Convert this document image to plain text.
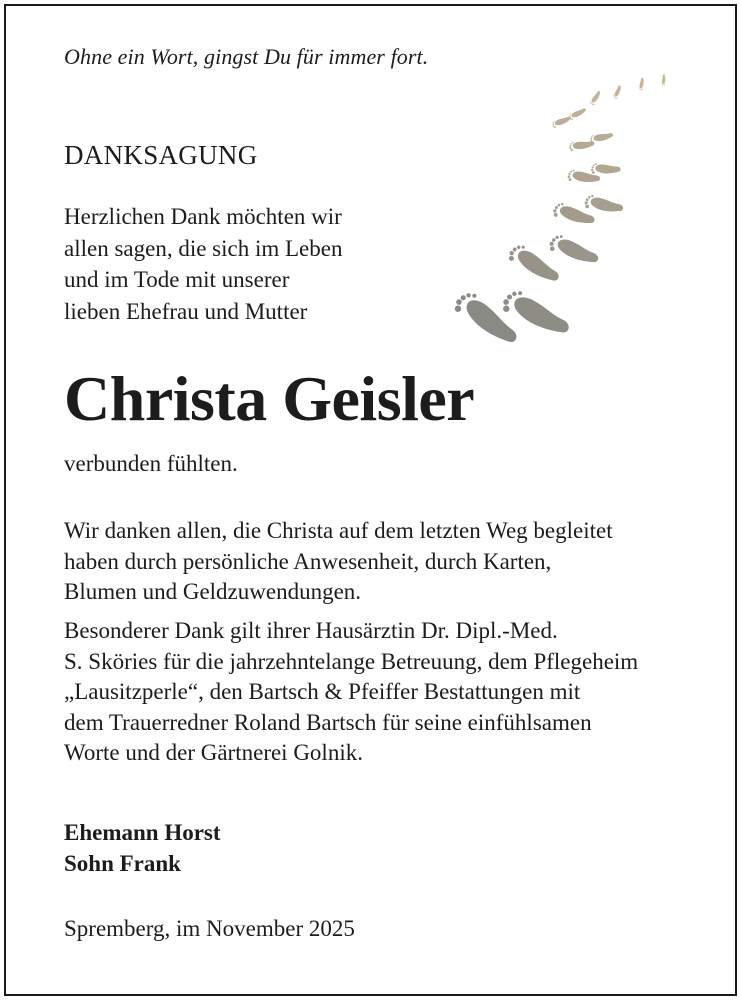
Ohne ein Wort, gingst Du für immer fort.
DANKSAGUNG
Herzlichen Dank möchten wir
allen sagen, die sich im Leben
und im Tode mit unserer
lieben Ehefrau und Mutter
Christa Geisler
verbunden fühlten.
Wir danken allen, die Christa auf dem letzten Weg begleitet
haben durch persönliche Anwesenheit, durch Karten,
Blumen und Geldzuwendungen.
Besonderer Dank gilt ihrer Hausärztin Dr. Dipl.-Med.
S. Sköries für die jahrzehntelange Betreuung, dem Pflegeheim
„Lausitzperle“, den Bartsch & Pfeiffer Bestattungen mit
dem Trauerredner Roland Bartsch für seine einfühlsamen
Worte und der Gärtnerei Golnik.
Ehemann Horst
Sohn Frank
Spremberg, im November 2025
